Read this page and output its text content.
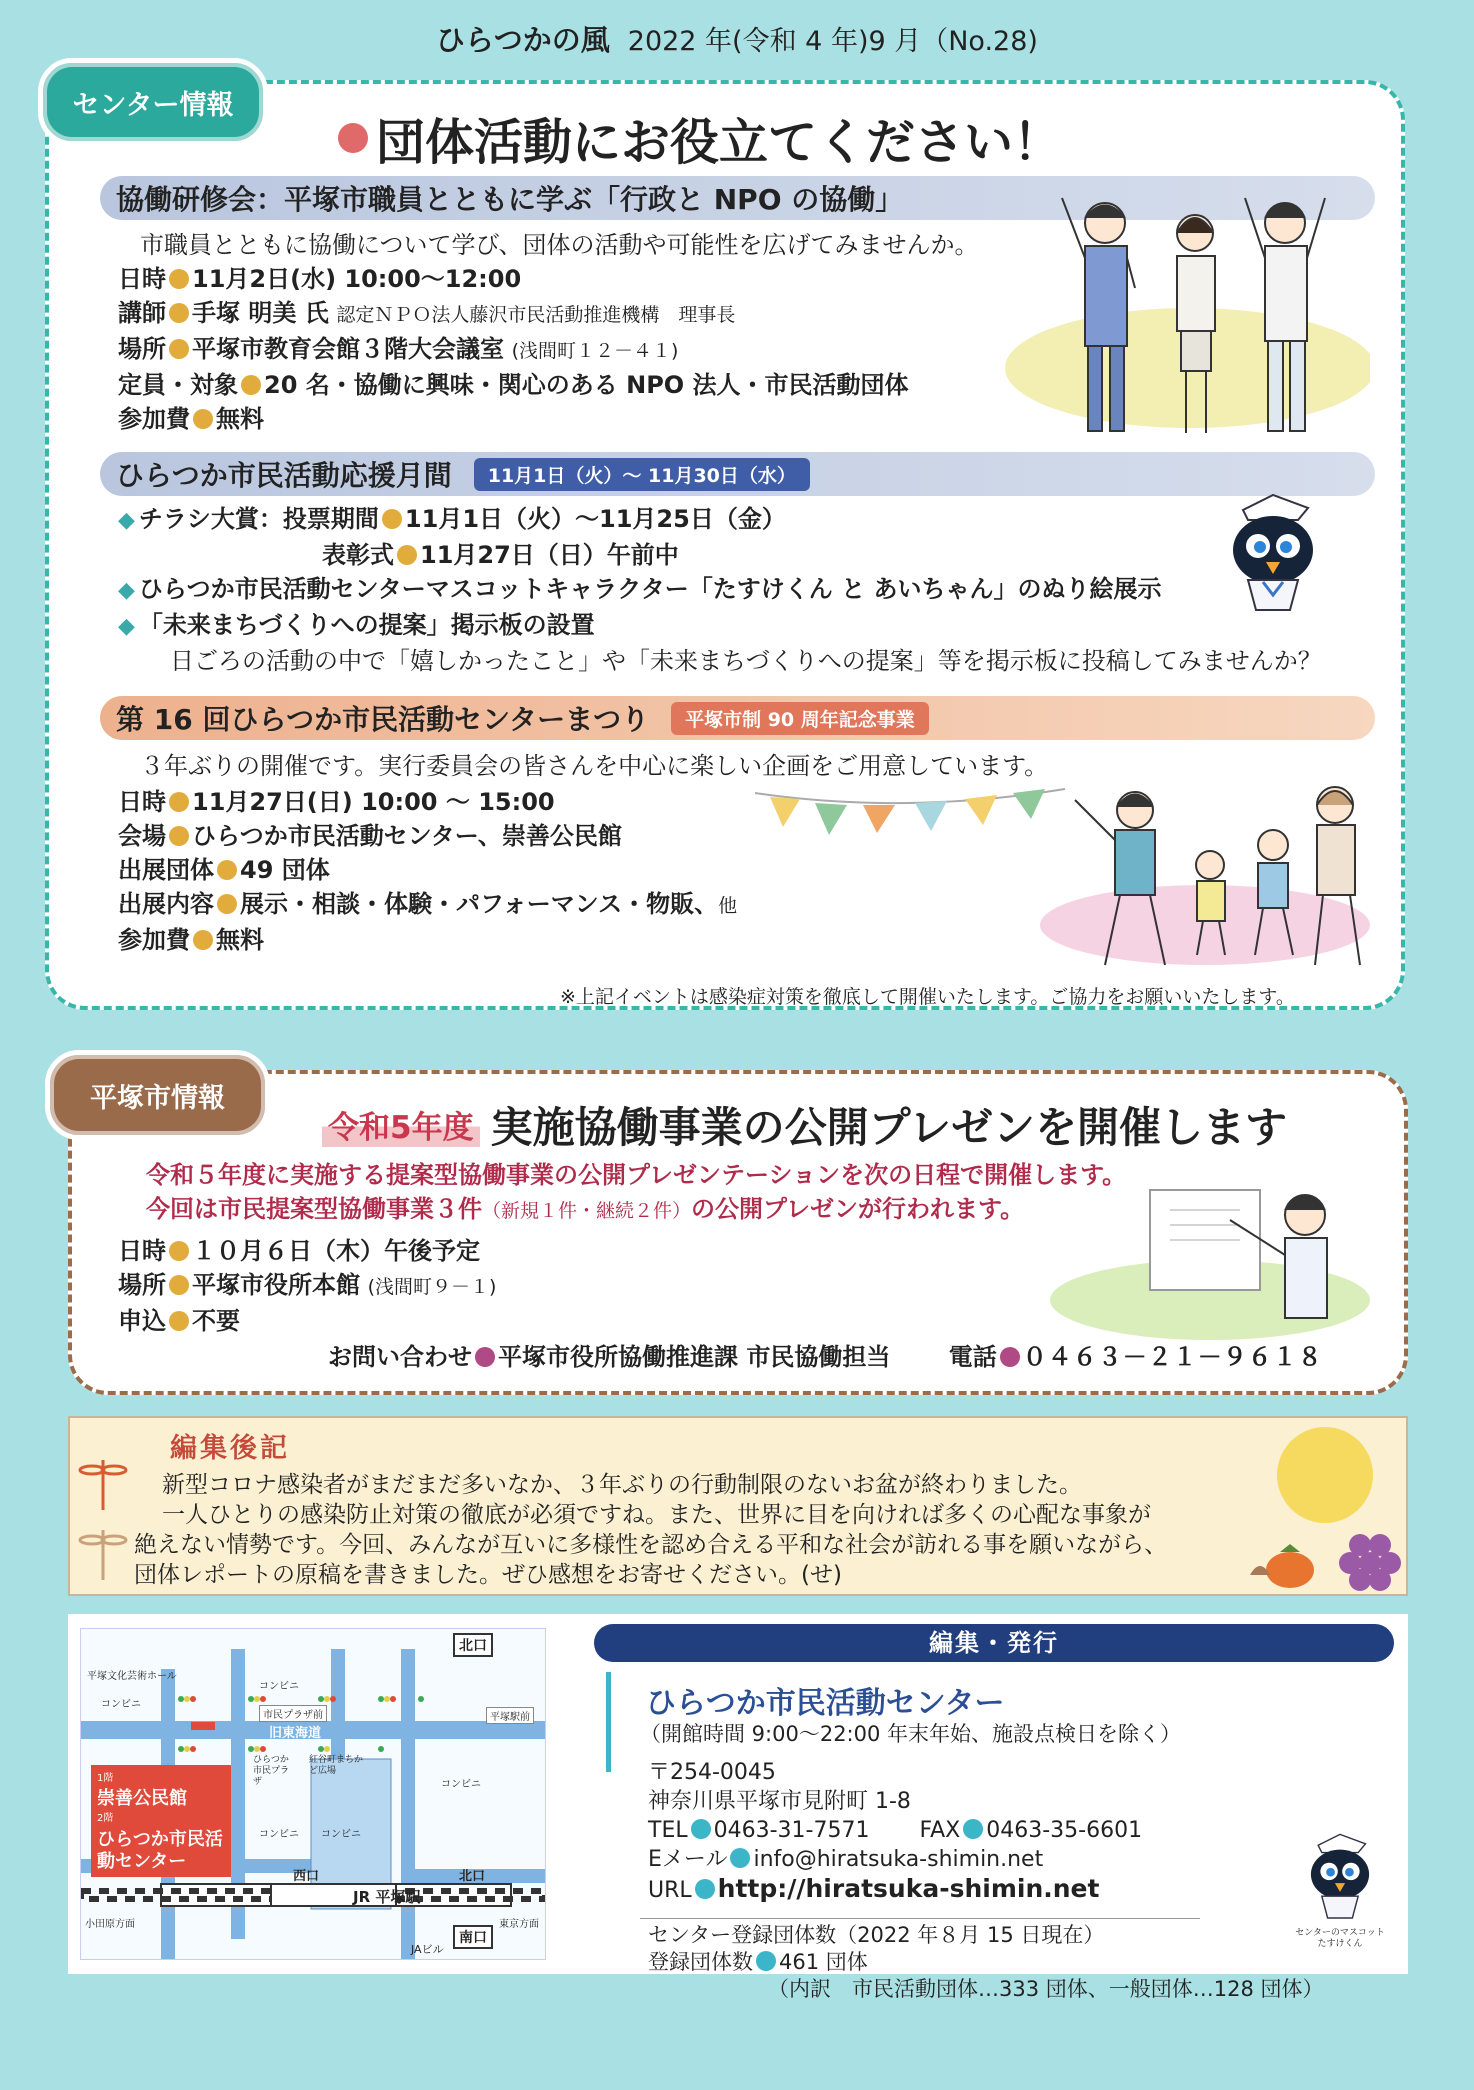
ひらつかの風 2022 年(令和 4 年)9 月（No.28)
センター情報
団体活動にお役立てください！
協働研修会：平塚市職員とともに学ぶ「行政と NPO の協働」
市職員とともに協働について学び、団体の活動や可能性を広げてみませんか。
日時 11月2日(水) 10:00～12:00
講師 手塚 明美 氏 認定ＮＰＯ法人藤沢市民活動推進機構　理事長
場所 平塚市教育会館３階大会議室 (浅間町１２－４１)
定員・対象 20 名・協働に興味・関心のある NPO 法人・市民活動団体
参加費 無料
ひらつか市民活動応援月間	11月1日（火）～ 11月30日（水）
◆ チラシ大賞：投票期間 11月1日（火）～11月25日（金）
表彰式 11月27日（日）午前中
◆ ひらつか市民活動センターマスコットキャラクター「たすけくん と あいちゃん」のぬり絵展示
◆ 「未来まちづくりへの提案」掲示板の設置
日ごろの活動の中で「嬉しかったこと」や「未来まちづくりへの提案」等を掲示板に投稿してみませんか？
第 16 回ひらつか市民活動センターまつり	平塚市制 90 周年記念事業
３年ぶりの開催です。実行委員会の皆さんを中心に楽しい企画をご用意しています。
日時 11月27日(日) 10:00 ～ 15:00
会場 ひらつか市民活動センター、崇善公民館
出展団体 49 団体
出展内容 展示・相談・体験・パフォーマンス・物販、他
参加費 無料
※上記イベントは感染症対策を徹底して開催いたします。ご協力をお願いいたします。
平塚市情報
令和5年度 実施協働事業の公開プレゼンを開催します
令和５年度に実施する提案型協働事業の公開プレゼンテーションを次の日程で開催します。
今回は市民提案型協働事業３件（新規１件・継続２件）の公開プレゼンが行われます。
日時 １０月６日（木）午後予定
場所 平塚市役所本館 (浅間町９－１)
申込 不要
お問い合わせ 平塚市役所協働推進課 市民協働担当 電話 ０４６３－２１－９６１８
編集後記
新型コロナ感染者がまだまだ多いなか、３年ぶりの行動制限のないお盆が終わりました。
一人ひとりの感染防止対策の徹底が必須ですね。また、世界に目を向ければ多くの心配な事象が
絶えない情勢です。今回、みんなが互いに多様性を認め合える平和な社会が訪れる事を願いながら、
団体レポートの原稿を書きました。ぜひ感想をお寄せください。(せ)
平塚文化芸術ホール
コンビニ
コンビニ
市民プラザ前	平塚駅前
旧東海道
ひらつか市民プラザ
紅谷町まちかど広場
コンビニ
コンビニ コンビニ
北口
西口	北口
JR 平塚駅
南口
小田原方面	東京方面
JAビル
1階
崇善公民館
2階
ひらつか市民活動センター
編集・発行
ひらつか市民活動センター
（開館時間 9:00～22:00 年末年始、施設点検日を除く）
〒254-0045
神奈川県平塚市見附町 1-8
TEL 0463-31-7571 FAX 0463-35-6601
Eメール info@hiratsuka-shimin.net
URL http://hiratsuka-shimin.net
センター登録団体数（2022 年８月 15 日現在）
登録団体数 461 団体
（内訳　市民活動団体…333 団体、一般団体…128 団体）
センターのマスコット
たすけくん
